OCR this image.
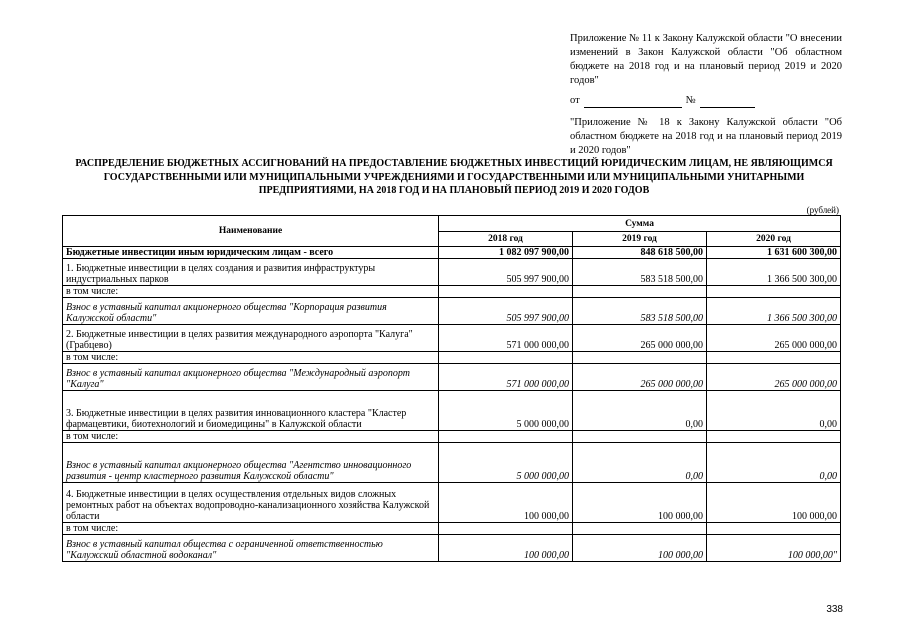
Приложение № 11 к Закону Калужской области "О внесении изменений в Закон Калужской области "Об областном бюджете на 2018 год и на плановый период 2019 и 2020 годов"

от	№

"Приложение № 18 к Закону Калужской области "Об областном бюджете на 2018 год и на плановый период 2019 и 2020 годов"

РАСПРЕДЕЛЕНИЕ БЮДЖЕТНЫХ АССИГНОВАНИЙ НА ПРЕДОСТАВЛЕНИЕ БЮДЖЕТНЫХ ИНВЕСТИЦИЙ ЮРИДИЧЕСКИМ ЛИЦАМ, НЕ ЯВЛЯЮЩИМСЯ ГОСУДАРСТВЕННЫМИ ИЛИ МУНИЦИПАЛЬНЫМИ УЧРЕЖДЕНИЯМИ И ГОСУДАРСТВЕННЫМИ ИЛИ МУНИЦИПАЛЬНЫМИ УНИТАРНЫМИ ПРЕДПРИЯТИЯМИ, НА 2018 ГОД И НА ПЛАНОВЫЙ ПЕРИОД 2019 И 2020 ГОДОВ
(рублей)
Наименование	Сумма		
	2018 год	2019 год	2020 год
Бюджетные инвестиции иным юридическим лицам - всего	1 082 097 900,00	848 618 500,00	1 631 600 300,00
1. Бюджетные инвестиции в целях создания и развития инфраструктуры индустриальных парков	505 997 900,00	583 518 500,00	1 366 500 300,00
в том числе:			
Взнос в уставный капитал акционерного общества "Корпорация развития Калужской области"	505 997 900,00	583 518 500,00	1 366 500 300,00
2. Бюджетные инвестиции в целях развития международного аэропорта "Калуга" (Грабцево)	571 000 000,00	265 000 000,00	265 000 000,00
в том числе:			
Взнос в уставный капитал акционерного общества "Международный аэропорт "Калуга"	571 000 000,00	265 000 000,00	265 000 000,00
3. Бюджетные инвестиции в целях развития инновационного кластера "Кластер фармацевтики, биотехнологий и биомедицины" в Калужской области	5 000 000,00	0,00	0,00
в том числе:			
Взнос в уставный капитал акционерного общества "Агентство инновационного развития - центр кластерного развития Калужской области"	5 000 000,00	0,00	0,00
4. Бюджетные инвестиции в целях осуществления отдельных видов сложных ремонтных работ на объектах водопроводно-канализационного хозяйства Калужской области	100 000,00	100 000,00	100 000,00
в том числе:			
Взнос в уставный капитал общества с ограниченной ответственностью "Калужский областной водоканал"	100 000,00	100 000,00	100 000,00"
338
